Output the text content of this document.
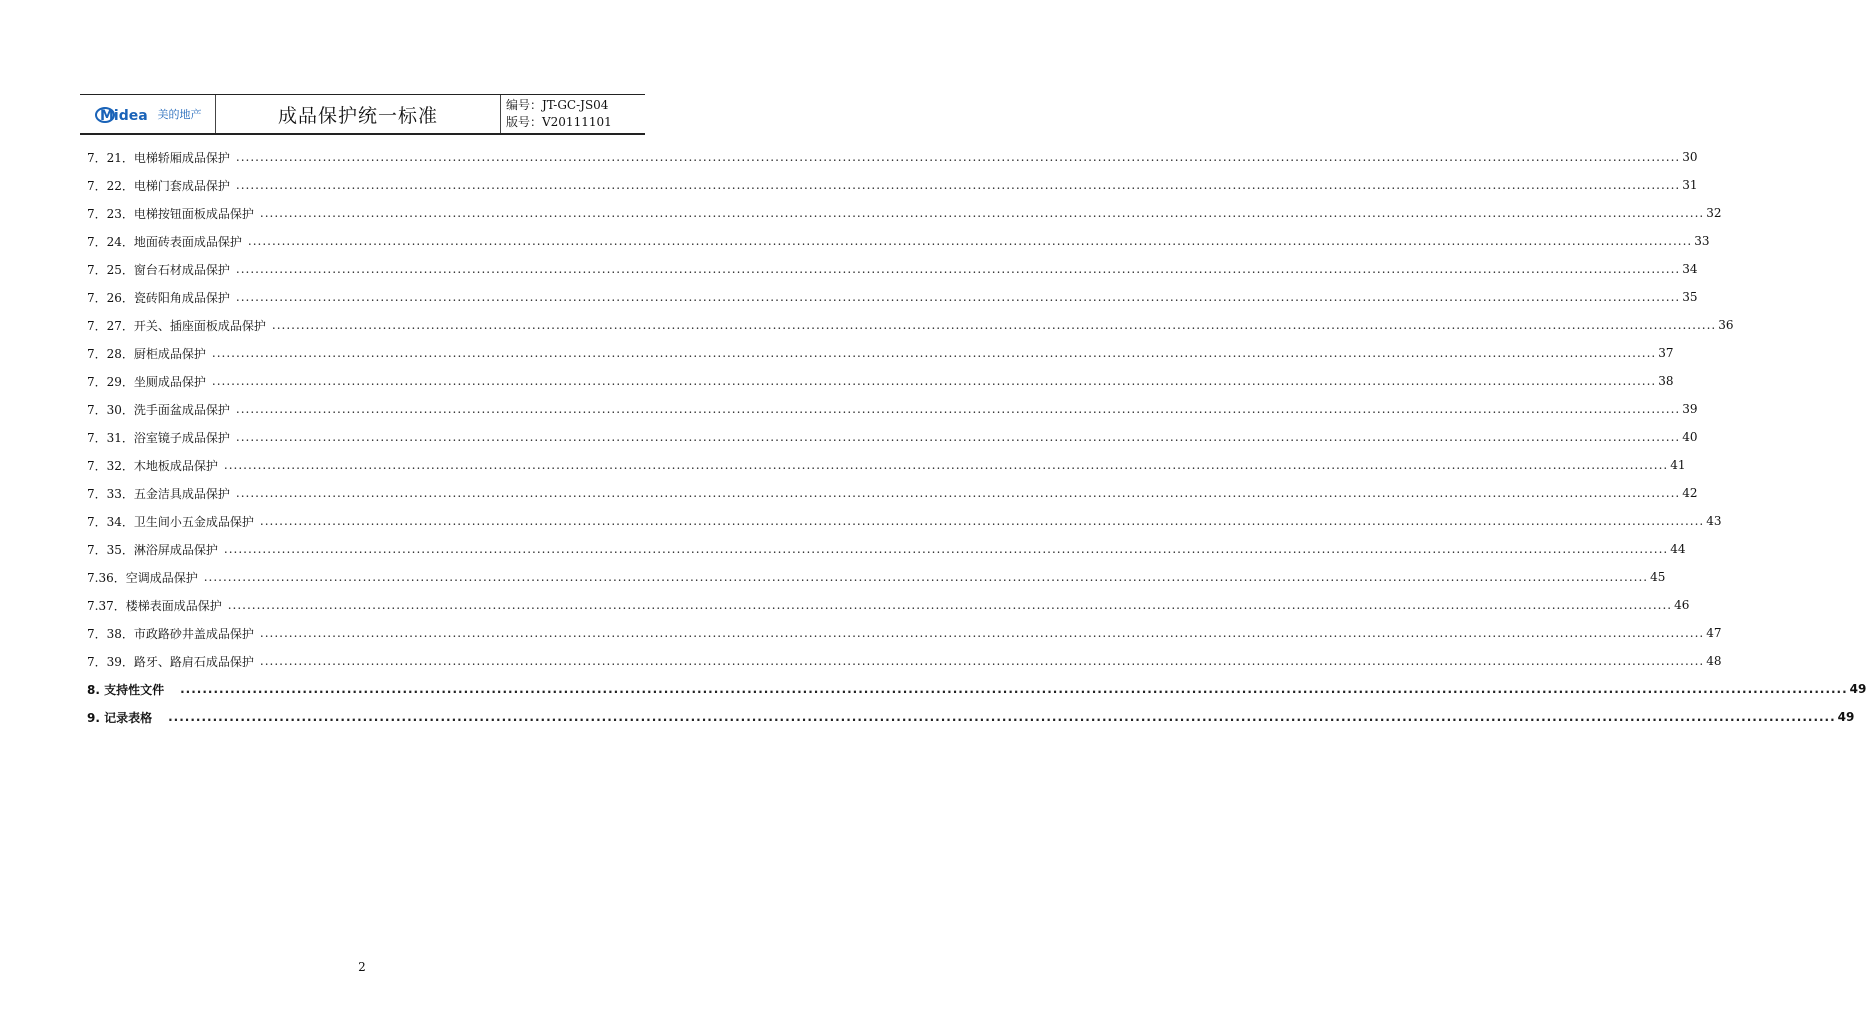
Midea 美的地产	成品保护统一标准	编号：JT-GC-JS04
版号：V20111101
7．21．电梯轿厢成品保护 ............................................................................................................................................................................................................................................................................................................ 30
7．22．电梯门套成品保护 ............................................................................................................................................................................................................................................................................................................ 31
7．23．电梯按钮面板成品保护 ............................................................................................................................................................................................................................................................................................................ 32
7．24．地面砖表面成品保护 ............................................................................................................................................................................................................................................................................................................ 33
7．25．窗台石材成品保护 ............................................................................................................................................................................................................................................................................................................ 34
7．26．瓷砖阳角成品保护 ............................................................................................................................................................................................................................................................................................................ 35
7．27．开关、插座面板成品保护 ............................................................................................................................................................................................................................................................................................................ 36
7．28．厨柜成品保护 ............................................................................................................................................................................................................................................................................................................ 37
7．29．坐厕成品保护 ............................................................................................................................................................................................................................................................................................................ 38
7．30．洗手面盆成品保护 ............................................................................................................................................................................................................................................................................................................ 39
7．31．浴室镜子成品保护 ............................................................................................................................................................................................................................................................................................................ 40
7．32．木地板成品保护 ............................................................................................................................................................................................................................................................................................................ 41
7．33．五金洁具成品保护 ............................................................................................................................................................................................................................................................................................................ 42
7．34．卫生间小五金成品保护 ............................................................................................................................................................................................................................................................................................................ 43
7．35．淋浴屏成品保护 ............................................................................................................................................................................................................................................................................................................ 44
7.36．空调成品保护 ............................................................................................................................................................................................................................................................................................................ 45
7.37．楼梯表面成品保护 ............................................................................................................................................................................................................................................................................................................ 46
7．38．市政路砂井盖成品保护 ............................................................................................................................................................................................................................................................................................................ 47
7．39．路牙、路肩石成品保护 ............................................................................................................................................................................................................................................................................................................ 48
8. 支持性文件	............................................................................................................................................................................................................................................................................................................ 49
9. 记录表格	............................................................................................................................................................................................................................................................................................................ 49
2
